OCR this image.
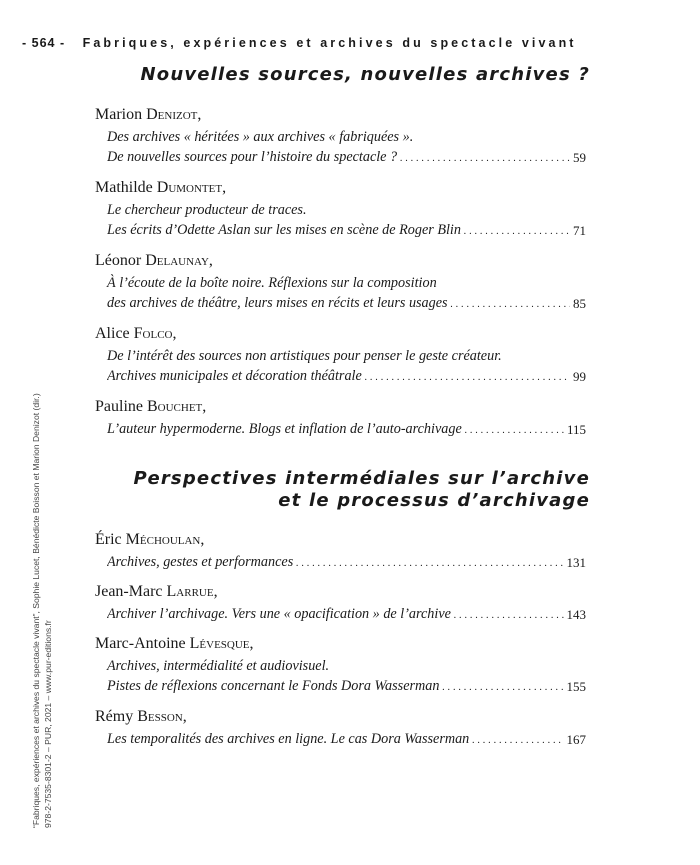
- 564 - Fabriques, expériences et archives du spectacle vivant
Nouvelles sources, nouvelles archives ?
Marion Denizot,
Des archives « héritées » aux archives « fabriquées ».
De nouvelles sources pour l’histoire du spectacle ?	59
. . .
Mathilde Dumontet,
Le chercheur producteur de traces.
Les écrits d’Odette Aslan sur les mises en scène de Roger Blin	71
. . .
Léonor Delaunay,
À l’écoute de la boîte noire. Réflexions sur la composition
des archives de théâtre, leurs mises en récits et leurs usages	85
. . .
Alice Folco,
De l’intérêt des sources non artistiques pour penser le geste créateur.
Archives municipales et décoration théâtrale	99
. . .
Pauline Bouchet,
L’auteur hypermoderne. Blogs et inflation de l’auto-archivage	115
. . .
Perspectives intermédiales sur l’archive
et le processus d’archivage
Éric Méchoulan,
Archives, gestes et performances	131
. . .
Jean-Marc Larrue,
Archiver l’archivage. Vers une « opacification » de l’archive	143
. . .
Marc-Antoine Lévesque,
Archives, intermédialité et audiovisuel.
Pistes de réflexions concernant le Fonds Dora Wasserman	155
. . .
Rémy Besson,
Les temporalités des archives en ligne. Le cas Dora Wasserman	167
. . .
“Fabriques, expériences et archives du spectacle vivant”, Sophie Lucet, Bénédicte Boisson et Marion Denizot (dir.) 978-2-7535-8301-2 – PUR, 2021 – www.pur-editions.fr
